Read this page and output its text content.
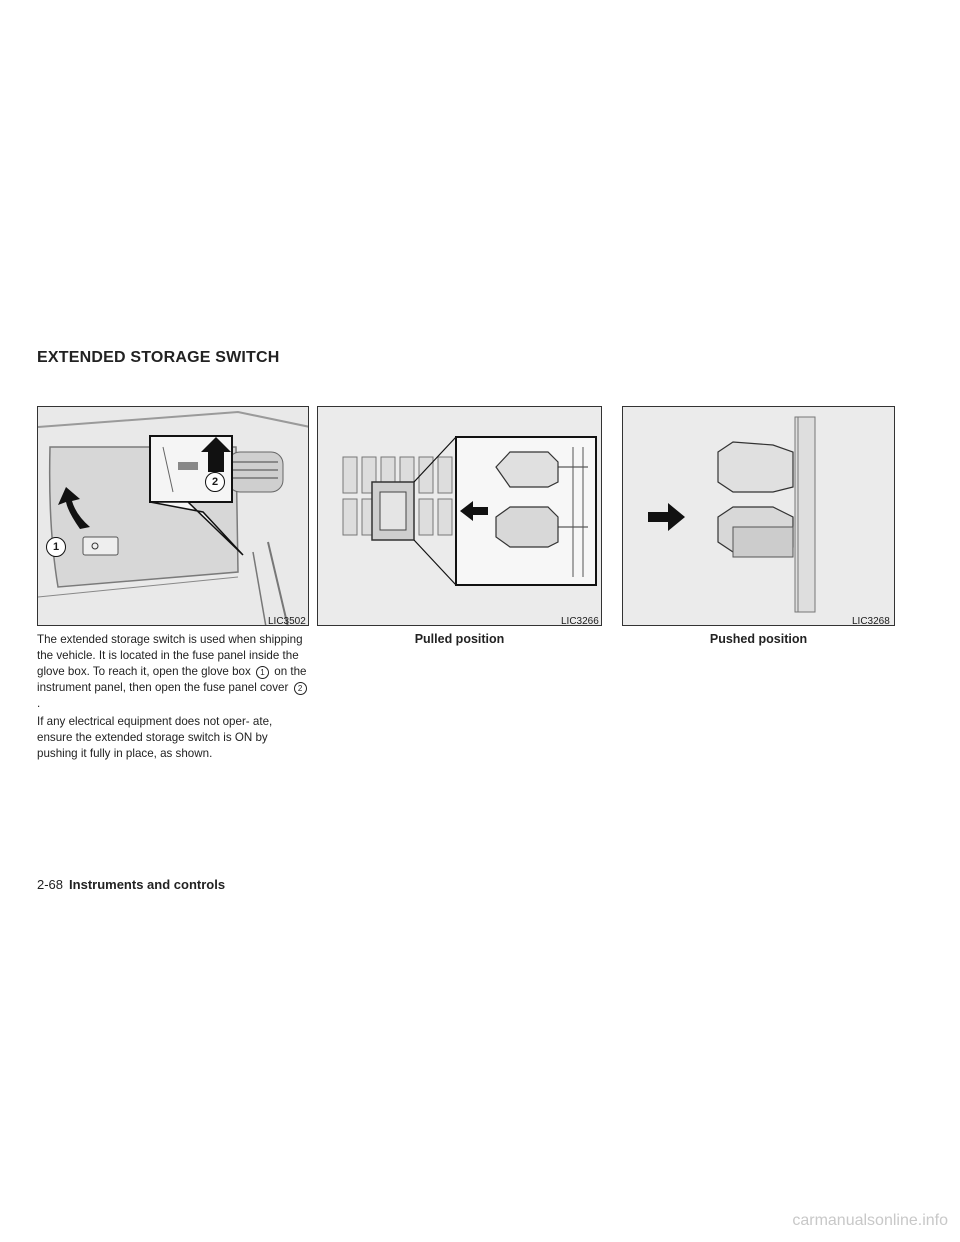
EXTENDED STORAGE SWITCH
1
2
LIC3502	LIC3266
Pulled position
LIC3268
Pushed position

The extended storage switch is used when shipping the vehicle. It is located in the fuse panel inside the glove box. To reach it, open the glove box 1 on the instrument panel, then open the fuse panel cover 2.

If any electrical equipment does not oper- ate, ensure the extended storage switch is ON by pushing it fully in place, as shown.

2-68 Instruments and controls
carmanualsonline.info
